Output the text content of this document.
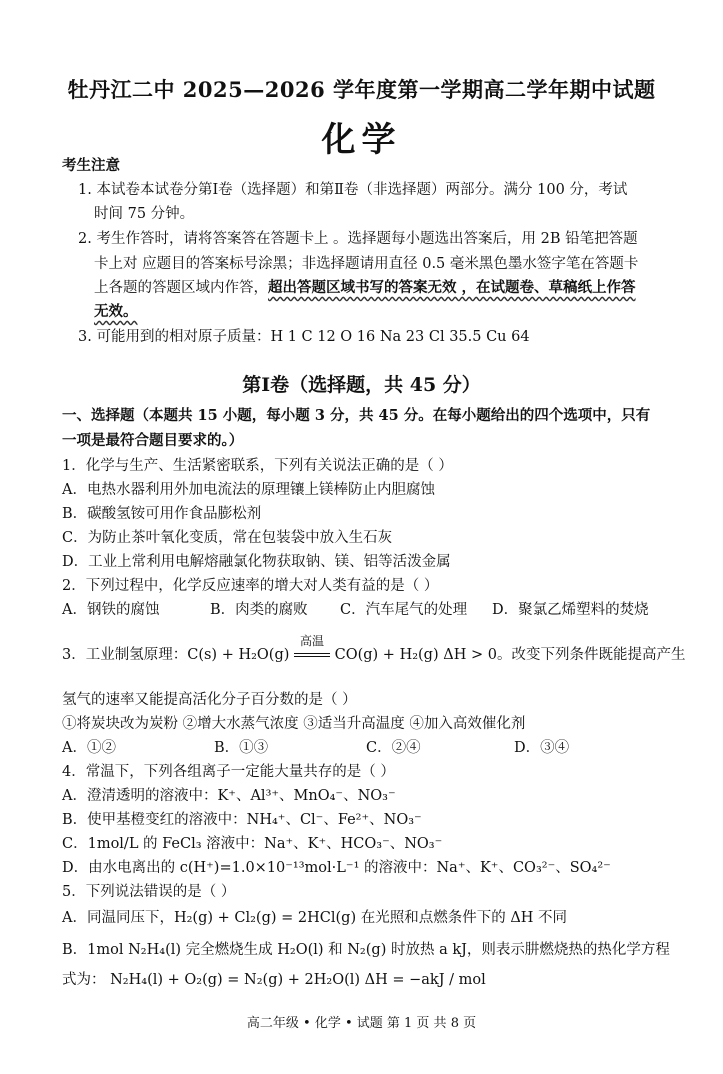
牡丹江二中 2025—2026 学年度第一学期高二学年期中试题
化学
考生注意
1. 本试卷本试卷分第Ⅰ卷（选择题）和第Ⅱ卷（非选择题）两部分。满分 100 分，考试
时间 75 分钟。
2. 考生作答时，请将答案答在答题卡上 。选择题每小题选出答案后，用 2B 铅笔把答题
卡上对 应题目的答案标号涂黑；非选择题请用直径 0.5 毫米黑色墨水签字笔在答题卡
上各题的答题区域内作答，超出答题区域书写的答案无效 ，在试题卷、草稿纸上作答
无效。
3. 可能用到的相对原子质量：H 1 C 12 O 16 Na 23 Cl 35.5 Cu 64
第Ⅰ卷（选择题，共 45 分）
一、选择题（本题共 15 小题，每小题 3 分，共 45 分。在每小题给出的四个选项中，只有
一项是最符合题目要求的。）
1．化学与生产、生活紧密联系，下列有关说法正确的是（ ）
A．电热水器利用外加电流法的原理镶上镁棒防止内胆腐蚀
B．碳酸氢铵可用作食品膨松剂
C．为防止茶叶氧化变质，常在包装袋中放入生石灰
D．工业上常利用电解熔融氯化物获取钠、镁、铝等活泼金属
2．下列过程中，化学反应速率的增大对人类有益的是（ ）
A．钢铁的腐蚀	B．肉类的腐败 C．汽车尾气的处理 D．聚氯乙烯塑料的焚烧
3．工业制氢原理：C(s) + H₂O(g)
高温
CO(g) + H₂(g) ΔH > 0。改变下列条件既能提高产生
氢气的速率又能提高活化分子百分数的是（ ）
①将炭块改为炭粉 ②增大水蒸气浓度 ③适当升高温度 ④加入高效催化剂
A．①②	B．①③	C．②④	D．③④
4．常温下，下列各组离子一定能大量共存的是（ ）
A．澄清透明的溶液中：K⁺、Al³⁺、MnO₄⁻、NO₃⁻
B．使甲基橙变红的溶液中：NH₄⁺、Cl⁻、Fe²⁺、NO₃⁻
C．1mol/L 的 FeCl₃ 溶液中：Na⁺、K⁺、HCO₃⁻、NO₃⁻
D．由水电离出的 c(H⁺)=1.0×10⁻¹³mol·L⁻¹ 的溶液中：Na⁺、K⁺、CO₃²⁻、SO₄²⁻
5．下列说法错误的是（ ）
A．同温同压下，H₂(g) + Cl₂(g) = 2HCl(g) 在光照和点燃条件下的 ΔH 不同
B．1mol N₂H₄(l) 完全燃烧生成 H₂O(l) 和 N₂(g) 时放热 a kJ，则表示肼燃烧热的热化学方程
式为： N₂H₄(l) + O₂(g) = N₂(g) + 2H₂O(l) ΔH = −akJ / mol
高二年级 • 化学 • 试题 第 1 页 共 8 页
